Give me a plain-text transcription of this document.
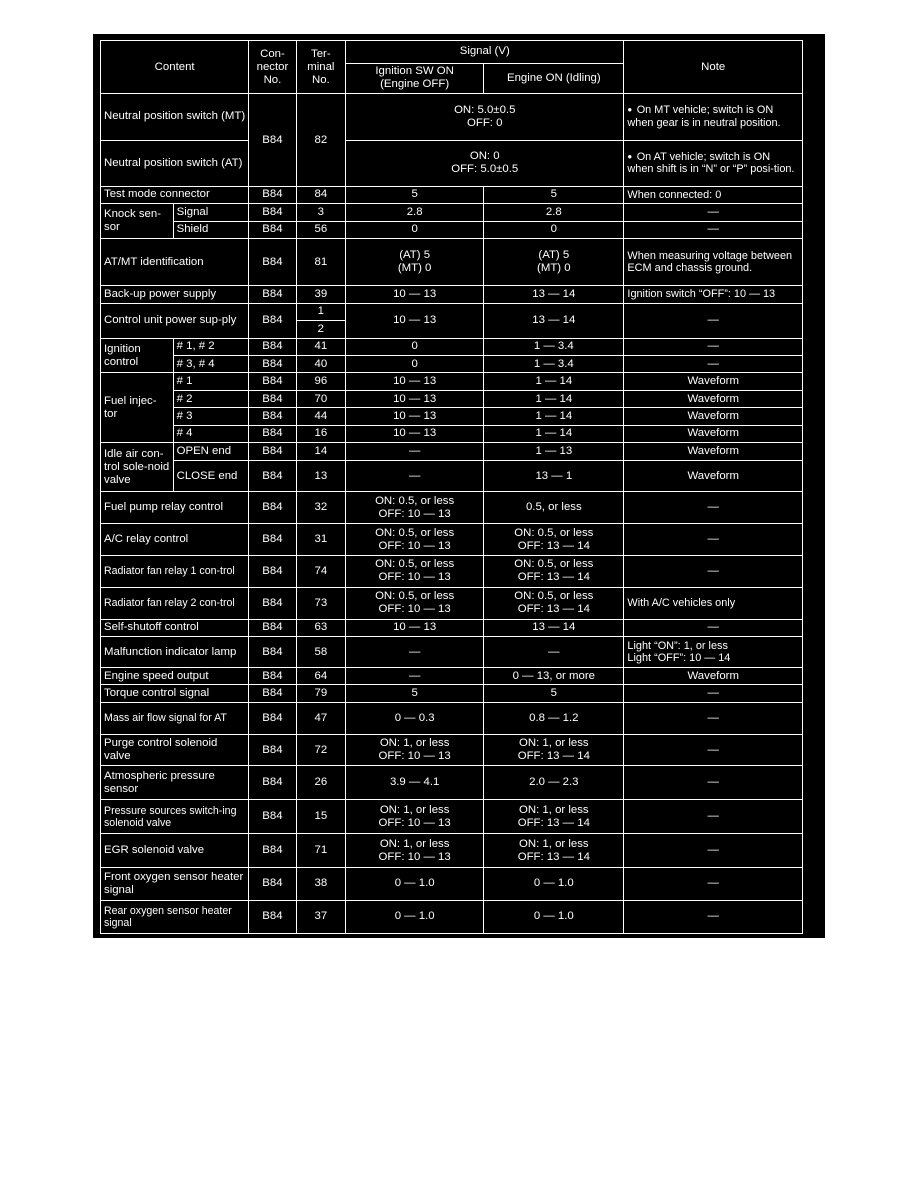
Content		Con-
nector
No.	Ter-
minal
No.	Signal (V)		Note
				Ignition SW ON
(Engine OFF)	Engine ON (Idling)	
Neutral position switch (MT)		B84	82	ON: 5.0±0.5
OFF: 0		●  On MT vehicle; switch is ON when gear is in neutral position.
Neutral position switch (AT)				ON: 0
OFF: 5.0±0.5		●  On AT vehicle; switch is ON when shift is in “N” or “P” posi-tion.
Test mode connector		B84	84	5	5	When connected: 0
Knock sen-sor	Signal	B84	3	2.8	2.8	—
	Shield	B84	56	0	0	—
AT/MT identification		B84	81	(AT) 5
(MT) 0	(AT) 5
(MT) 0	When measuring voltage between ECM and chassis ground.
Back-up power supply		B84	39	10 — 13	13 — 14	Ignition switch “OFF”: 10 — 13
Control unit power sup-ply		B84	1	10 — 13	13 — 14	—
			2			
Ignition control	# 1, # 2	B84	41	0	1 — 3.4	—
	# 3, # 4	B84	40	0	1 — 3.4	—
Fuel injec-tor	# 1	B84	96	10 — 13	1 — 14	Waveform
	# 2	B84	70	10 — 13	1 — 14	Waveform
	# 3	B84	44	10 — 13	1 — 14	Waveform
	# 4	B84	16	10 — 13	1 — 14	Waveform
Idle air con-trol sole-noid valve	OPEN end	B84	14	—	1 — 13	Waveform
	CLOSE end	B84	13	—	13 — 1	Waveform
Fuel pump relay control		B84	32	ON: 0.5, or less
OFF: 10 — 13	0.5, or less	—
A/C relay control		B84	31	ON: 0.5, or less
OFF: 10 — 13	ON: 0.5, or less
OFF: 13 — 14	—
Radiator fan relay 1 con-trol		B84	74	ON: 0.5, or less
OFF: 10 — 13	ON: 0.5, or less
OFF: 13 — 14	—
Radiator fan relay 2 con-trol		B84	73	ON: 0.5, or less
OFF: 10 — 13	ON: 0.5, or less
OFF: 13 — 14	With A/C vehicles only
Self-shutoff control		B84	63	10 — 13	13 — 14	—
Malfunction indicator lamp		B84	58	—	—	Light “ON”: 1, or less
Light “OFF”: 10 — 14
Engine speed output		B84	64	—	0 — 13, or more	Waveform
Torque control signal		B84	79	5	5	—
Mass air flow signal for AT		B84	47	0 — 0.3	0.8 — 1.2	—
Purge control solenoid valve		B84	72	ON: 1, or less
OFF: 10 — 13	ON: 1, or less
OFF: 13 — 14	—
Atmospheric pressure sensor		B84	26	3.9 — 4.1	2.0 — 2.3	—
Pressure sources switch-ing solenoid valve		B84	15	ON: 1, or less
OFF: 10 — 13	ON: 1, or less
OFF: 13 — 14	—
EGR solenoid valve		B84	71	ON: 1, or less
OFF: 10 — 13	ON: 1, or less
OFF: 13 — 14	—
Front oxygen sensor heater signal		B84	38	0 — 1.0	0 — 1.0	—
Rear oxygen sensor heater signal		B84	37	0 — 1.0	0 — 1.0	—
